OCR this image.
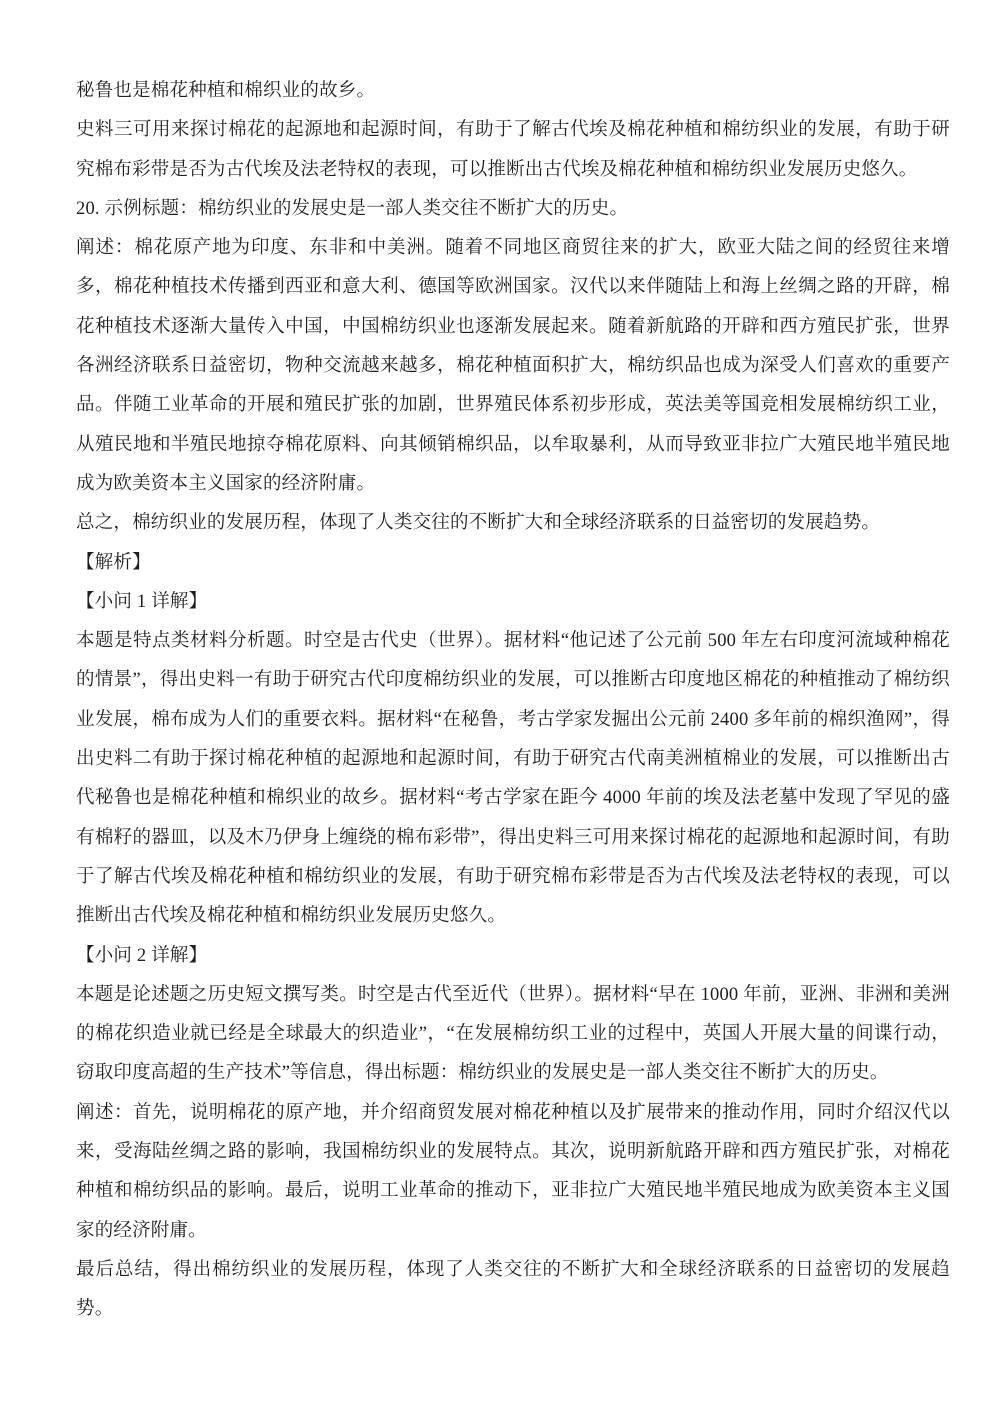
秘鲁也是棉花种植和棉织业的故乡。

史料三可用来探讨棉花的起源地和起源时间，有助于了解古代埃及棉花种植和棉纺织业的发展，有助于研究棉布彩带是否为古代埃及法老特权的表现，可以推断出古代埃及棉花种植和棉纺织业发展历史悠久。

20. 示例标题：棉纺织业的发展史是一部人类交往不断扩大的历史。

阐述：棉花原产地为印度、东非和中美洲。随着不同地区商贸往来的扩大，欧亚大陆之间的经贸往来增多，棉花种植技术传播到西亚和意大利、德国等欧洲国家。汉代以来伴随陆上和海上丝绸之路的开辟，棉花种植技术逐渐大量传入中国，中国棉纺织业也逐渐发展起来。随着新航路的开辟和西方殖民扩张，世界各洲经济联系日益密切，物种交流越来越多，棉花种植面积扩大，棉纺织品也成为深受人们喜欢的重要产品。伴随工业革命的开展和殖民扩张的加剧，世界殖民体系初步形成，英法美等国竞相发展棉纺织工业，从殖民地和半殖民地掠夺棉花原料、向其倾销棉织品，以牟取暴利，从而导致亚非拉广大殖民地半殖民地成为欧美资本主义国家的经济附庸。

总之，棉纺织业的发展历程，体现了人类交往的不断扩大和全球经济联系的日益密切的发展趋势。

【解析】

【小问 1 详解】

本题是特点类材料分析题。时空是古代史（世界）。据材料“他记述了公元前 500 年左右印度河流域种棉花的情景”，得出史料一有助于研究古代印度棉纺织业的发展，可以推断古印度地区棉花的种植推动了棉纺织业发展，棉布成为人们的重要衣料。据材料“在秘鲁，考古学家发掘出公元前 2400 多年前的棉织渔网”，得出史料二有助于探讨棉花种植的起源地和起源时间，有助于研究古代南美洲植棉业的发展，可以推断出古代秘鲁也是棉花种植和棉织业的故乡。据材料“考古学家在距今 4000 年前的埃及法老墓中发现了罕见的盛有棉籽的器皿，以及木乃伊身上缠绕的棉布彩带”，得出史料三可用来探讨棉花的起源地和起源时间，有助于了解古代埃及棉花种植和棉纺织业的发展，有助于研究棉布彩带是否为古代埃及法老特权的表现，可以推断出古代埃及棉花种植和棉纺织业发展历史悠久。

【小问 2 详解】

本题是论述题之历史短文撰写类。时空是古代至近代（世界）。据材料“早在 1000 年前，亚洲、非洲和美洲的棉花织造业就已经是全球最大的织造业”，“在发展棉纺织工业的过程中，英国人开展大量的间谍行动，窃取印度高超的生产技术”等信息，得出标题：棉纺织业的发展史是一部人类交往不断扩大的历史。

阐述：首先，说明棉花的原产地，并介绍商贸发展对棉花种植以及扩展带来的推动作用，同时介绍汉代以来，受海陆丝绸之路的影响，我国棉纺织业的发展特点。其次，说明新航路开辟和西方殖民扩张，对棉花种植和棉纺织品的影响。最后，说明工业革命的推动下，亚非拉广大殖民地半殖民地成为欧美资本主义国家的经济附庸。

最后总结，得出棉纺织业的发展历程，体现了人类交往的不断扩大和全球经济联系的日益密切的发展趋势。
